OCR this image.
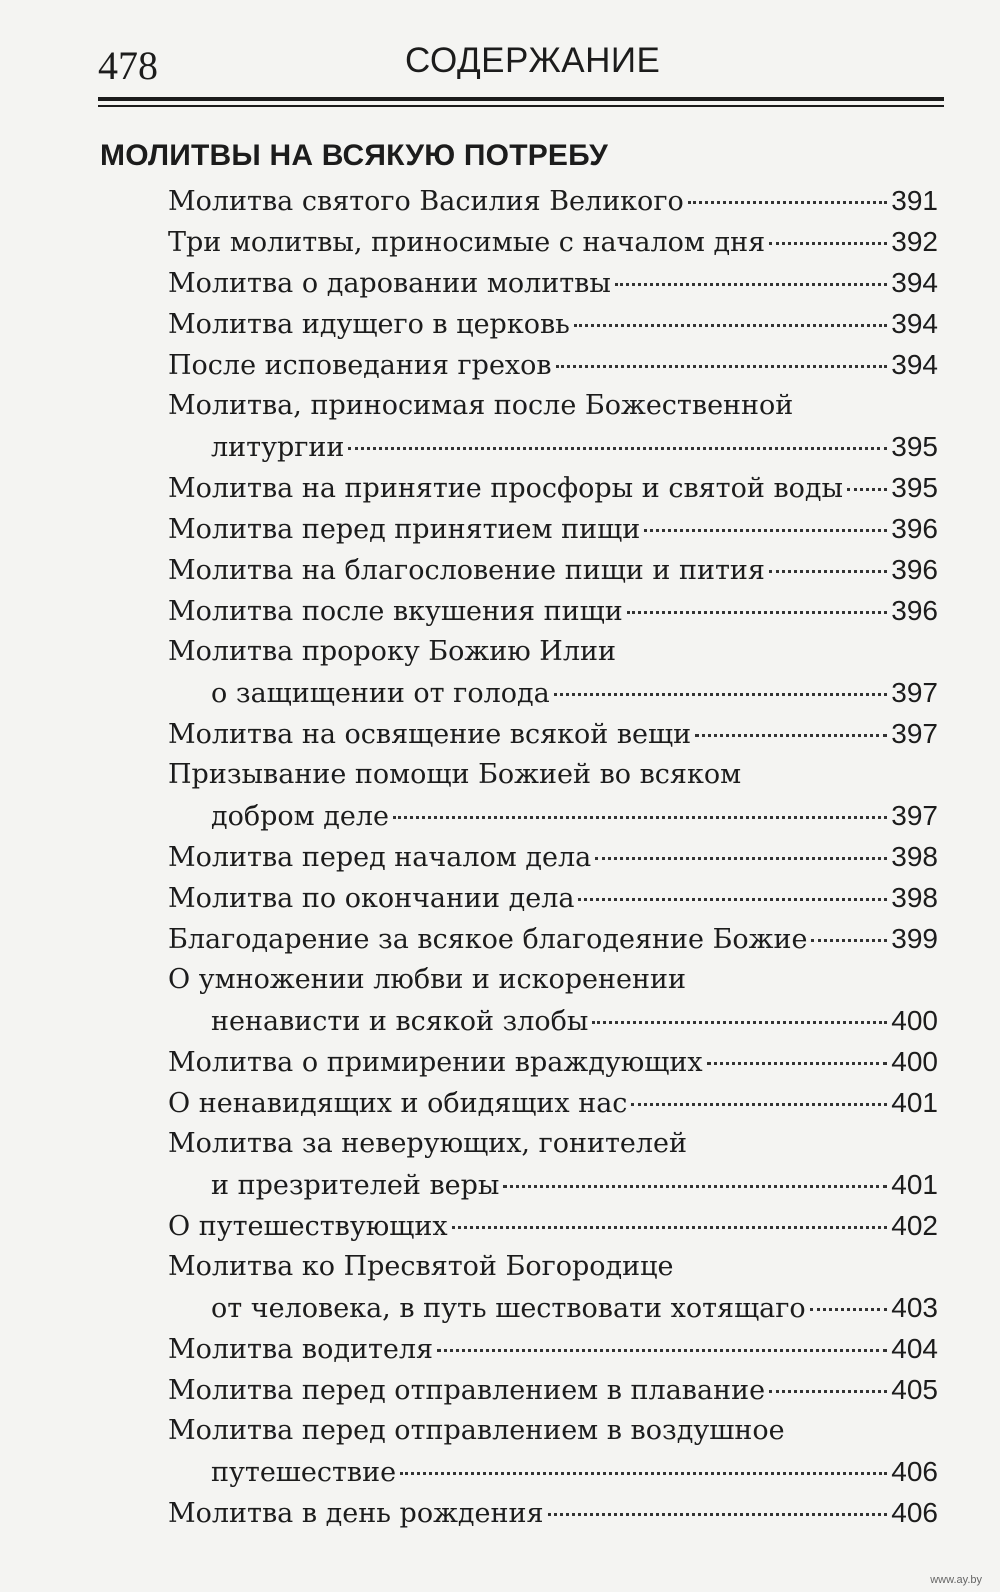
478	СОДЕРЖАНИЕ
МОЛИТВЫ НА ВСЯКУЮ ПОТРЕБУ
Молитва святого Василия Великого	391
Три молитвы, приносимые с началом дня	392
Молитва о даровании молитвы	394
Молитва идущего в церковь	394
После исповедания грехов	394
Молитва, приносимая после Божественной
литургии	395
Молитва на принятие просфоры и святой воды 395
Молитва перед принятием пищи	396
Молитва на благословение пищи и пития	396
Молитва после вкушения пищи	396
Молитва пророку Божию Илии
о защищении от голода	397
Молитва на освящение всякой вещи	397
Призывание помощи Божией во всяком
добром деле	397
Молитва перед началом дела	398
Молитва по окончании дела	398
Благодарение за всякое благодеяние Божие	399
О умножении любви и искоренении
ненависти и всякой злобы	400
Молитва о примирении враждующих	400
О ненавидящих и обидящих нас	401
Молитва за неверующих, гонителей
и презрителей веры	401
О путешествующих	402
Молитва ко Пресвятой Богородице
от человека, в путь шествовати хотящаго	403
Молитва водителя	404
Молитва перед отправлением в плавание	405
Молитва перед отправлением в воздушное
путешествие	406
Молитва в день рождения	406
www.ay.by
